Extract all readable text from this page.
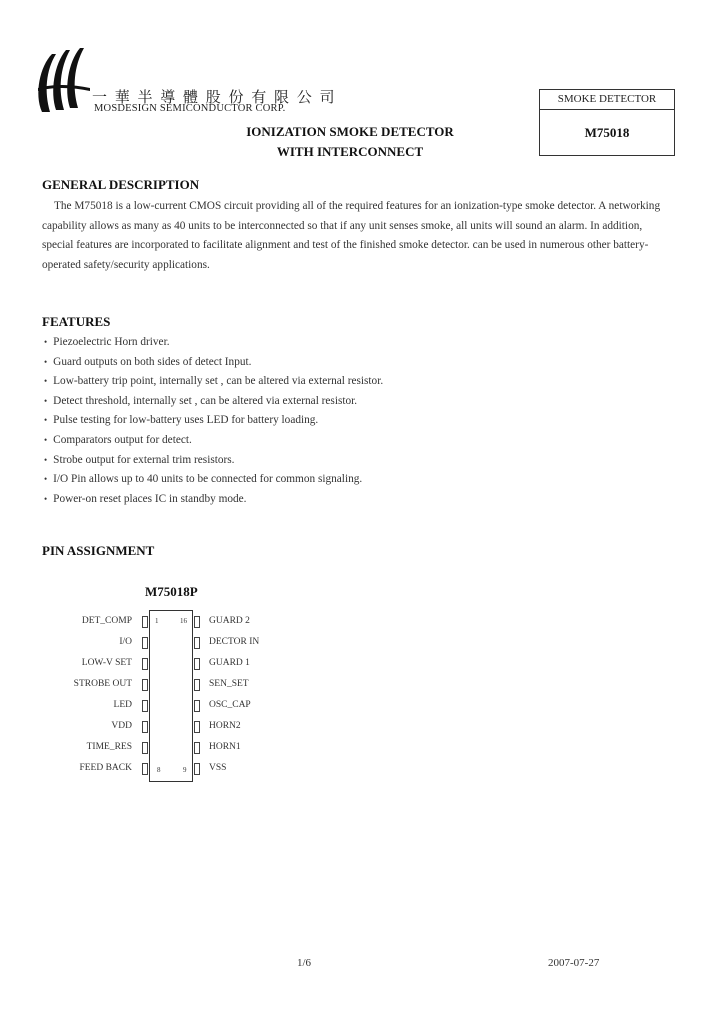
一 華 半 導 體 股 份 有 限 公 司
MOSDESIGN SEMICONDUCTOR CORP.
IONIZATION SMOKE DETECTOR
WITH INTERCONNECT
SMOKE DETECTOR
M75018
GENERAL DESCRIPTION
The M75018 is a low-current CMOS circuit providing all of the required features for an ionization-type smoke detector. A networking capability allows as many as 40 units to be interconnected so that if any unit senses smoke, all units will sound an alarm. In addition, special features are incorporated to facilitate alignment and test of the finished smoke detector. can be used in numerous other battery-operated safety/security applications.
FEATURES
• Piezoelectric Horn driver.
• Guard outputs on both sides of detect Input.
• Low-battery trip point, internally set , can be altered via external resistor.
• Detect threshold, internally set , can be altered via external resistor.
• Pulse testing for low-battery uses LED for battery loading.
• Comparators output for detect.
• Strobe output for external trim resistors.
• I/O Pin allows up to 40 units to be connected for common signaling.
• Power-on reset places IC in standby mode.
PIN ASSIGNMENT
M75018P
DET_COMP
I/O
LOW-V SET
STROBE OUT
LED
VDD
TIME_RES
FEED BACK
GUARD 2
DECTOR IN
GUARD 1
SEN_SET
OSC_CAP
HORN2
HORN1
VSS
1	16
8	9
1/6	2007-07-27
